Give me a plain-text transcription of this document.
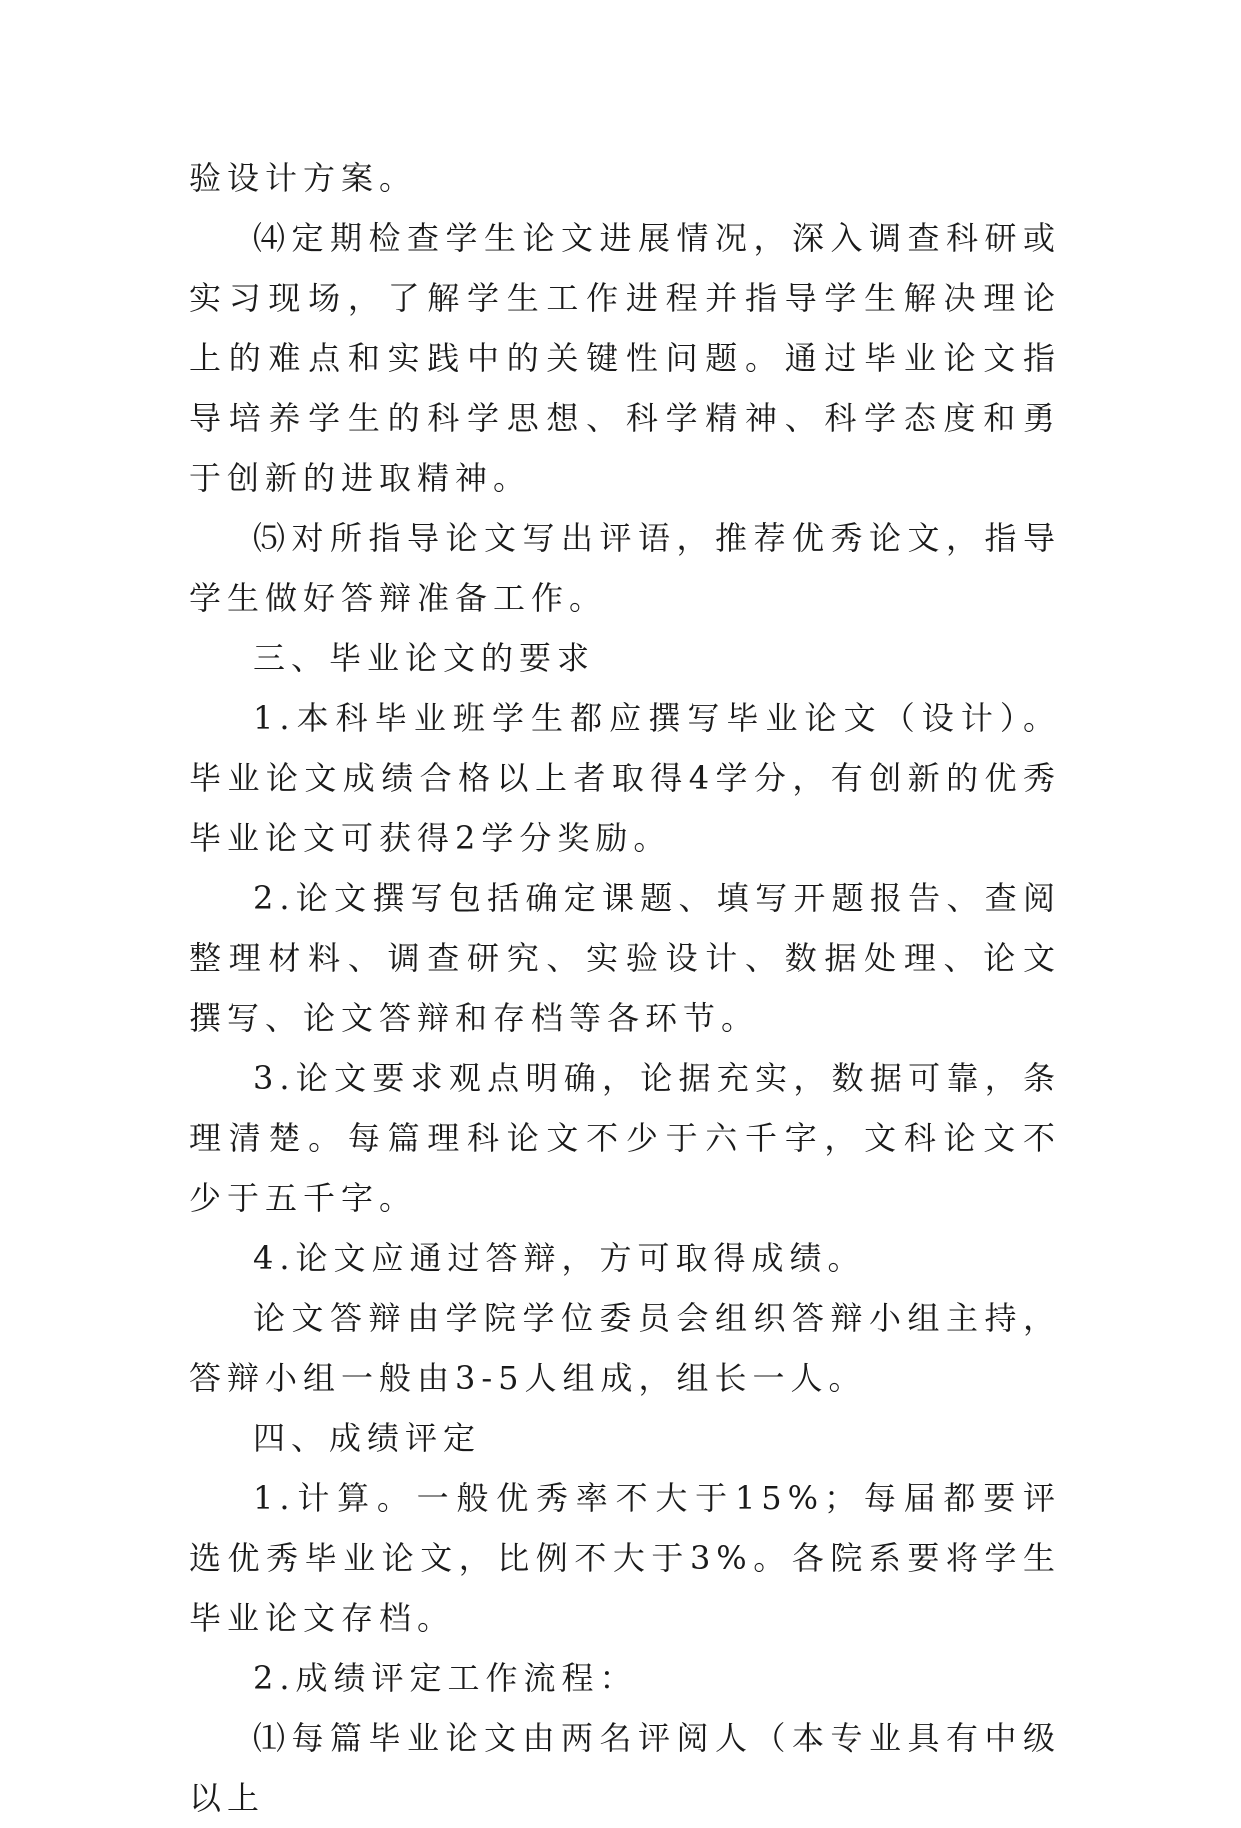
验设计方案。

⑷定期检查学生论文进展情况，深入调查科研或实习现场，了解学生工作进程并指导学生解决理论上的难点和实践中的关键性问题。通过毕业论文指导培养学生的科学思想、科学精神、科学态度和勇于创新的进取精神。

⑸对所指导论文写出评语，推荐优秀论文，指导学生做好答辩准备工作。

三、毕业论文的要求

1.本科毕业班学生都应撰写毕业论文（设计）。毕业论文成绩合格以上者取得4学分，有创新的优秀毕业论文可获得2学分奖励。

2.论文撰写包括确定课题、填写开题报告、查阅整理材料、调查研究、实验设计、数据处理、论文撰写、论文答辩和存档等各环节。

3.论文要求观点明确，论据充实，数据可靠，条理清楚。每篇理科论文不少于六千字，文科论文不少于五千字。

4.论文应通过答辩，方可取得成绩。

论文答辩由学院学位委员会组织答辩小组主持，答辩小组一般由3-5人组成，组长一人。

四、成绩评定

1.计算。一般优秀率不大于15%；每届都要评选优秀毕业论文，比例不大于3%。各院系要将学生毕业论文存档。

2.成绩评定工作流程：

⑴每篇毕业论文由两名评阅人（本专业具有中级以上
